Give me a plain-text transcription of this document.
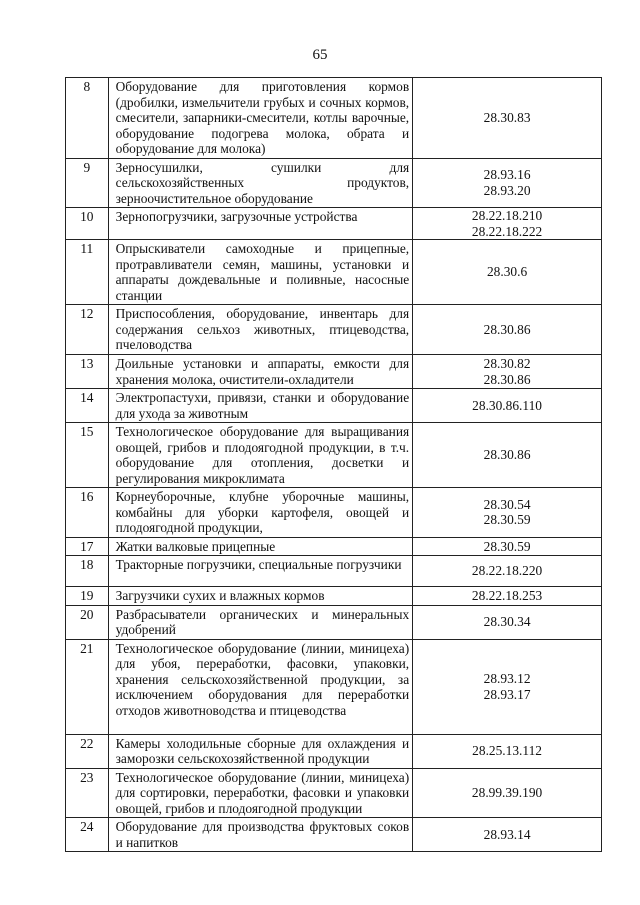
65
8	Оборудование для приготовления кормов (дробилки, измельчители грубых и сочных кормов, смесители, запарники-смесители, котлы варочные, оборудование подогрева молока, обрата и оборудование для молока)	28.30.83

9	Зерносушилки, сушилки для сельскохозяйственных продуктов, зерноочистительное оборудование	28.93.16
28.93.20

10	Зернопогрузчики, загрузочные устройства	28.22.18.210
28.22.18.222

11	Опрыскиватели самоходные и прицепные, протравливатели семян, машины, установки и аппараты дождевальные и поливные, насосные станции	28.30.6

12	Приспособления, оборудование, инвентарь для содержания сельхоз животных, птицеводства, пчеловодства	28.30.86

13	Доильные установки и аппараты, емкости для хранения молока, очистители-охладители	28.30.82
28.30.86

14	Электропастухи, привязи, станки и оборудование для ухода за животным	28.30.86.110

15	Технологическое оборудование для выращивания овощей, грибов и плодоягодной продукции, в т.ч. оборудование для отопления, досветки и регулирования микроклимата	28.30.86

16	Корнеуборочные, клубне уборочные машины, комбайны для уборки картофеля, овощей и плодоягодной продукции,	28.30.54
28.30.59

17	Жатки валковые прицепные	28.30.59

18	Тракторные погрузчики, специальные погрузчики	28.22.18.220

19	Загрузчики сухих и влажных кормов	28.22.18.253

20	Разбрасыватели органических и минеральных удобрений	28.30.34

21	Технологическое оборудование (линии, миницеха) для убоя, переработки, фасовки, упаковки, хранения сельскохозяйственной продукции, за исключением оборудования для переработки отходов животноводства и птицеводства	28.93.12
28.93.17

22	Камеры холодильные сборные для охлаждения и заморозки сельскохозяйственной продукции	28.25.13.112

23	Технологическое оборудование (линии, миницеха) для сортировки, переработки, фасовки и упаковки овощей, грибов и плодоягодной продукции	28.99.39.190

24	Оборудование для производства фруктовых соков и напитков	28.93.14
